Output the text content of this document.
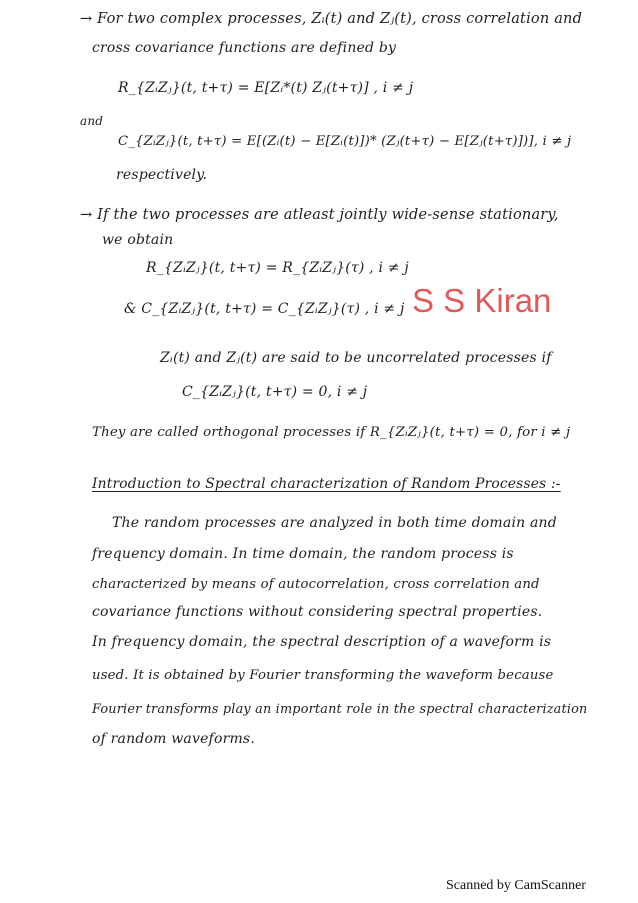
→ For two complex processes, Zᵢ(t) and Zⱼ(t), cross correlation and
cross covariance functions are defined by
R_{ZᵢZⱼ}(t, t+τ) = E[Zᵢ*(t) Zⱼ(t+τ)] , i ≠ j
and
C_{ZᵢZⱼ}(t, t+τ) = E[(Zᵢ(t) − E[Zᵢ(t)])* (Zⱼ(t+τ) − E[Zⱼ(t+τ)])], i ≠ j
respectively.
→ If the two processes are atleast jointly wide-sense stationary,
we obtain
R_{ZᵢZⱼ}(t, t+τ) = R_{ZᵢZⱼ}(τ) , i ≠ j
& C_{ZᵢZⱼ}(t, t+τ) = C_{ZᵢZⱼ}(τ) , i ≠ j S S Kiran
Zᵢ(t) and Zⱼ(t) are said to be uncorrelated processes if
C_{ZᵢZⱼ}(t, t+τ) = 0, i ≠ j
They are called orthogonal processes if R_{ZᵢZⱼ}(t, t+τ) = 0, for i ≠ j
Introduction to Spectral characterization of Random Processes :-
The random processes are analyzed in both time domain and
frequency domain. In time domain, the random process is
characterized by means of autocorrelation, cross correlation and
covariance functions without considering spectral properties.
In frequency domain, the spectral description of a waveform is
used. It is obtained by Fourier transforming the waveform because
Fourier transforms play an important role in the spectral characterization
of random waveforms.
Scanned by CamScanner
